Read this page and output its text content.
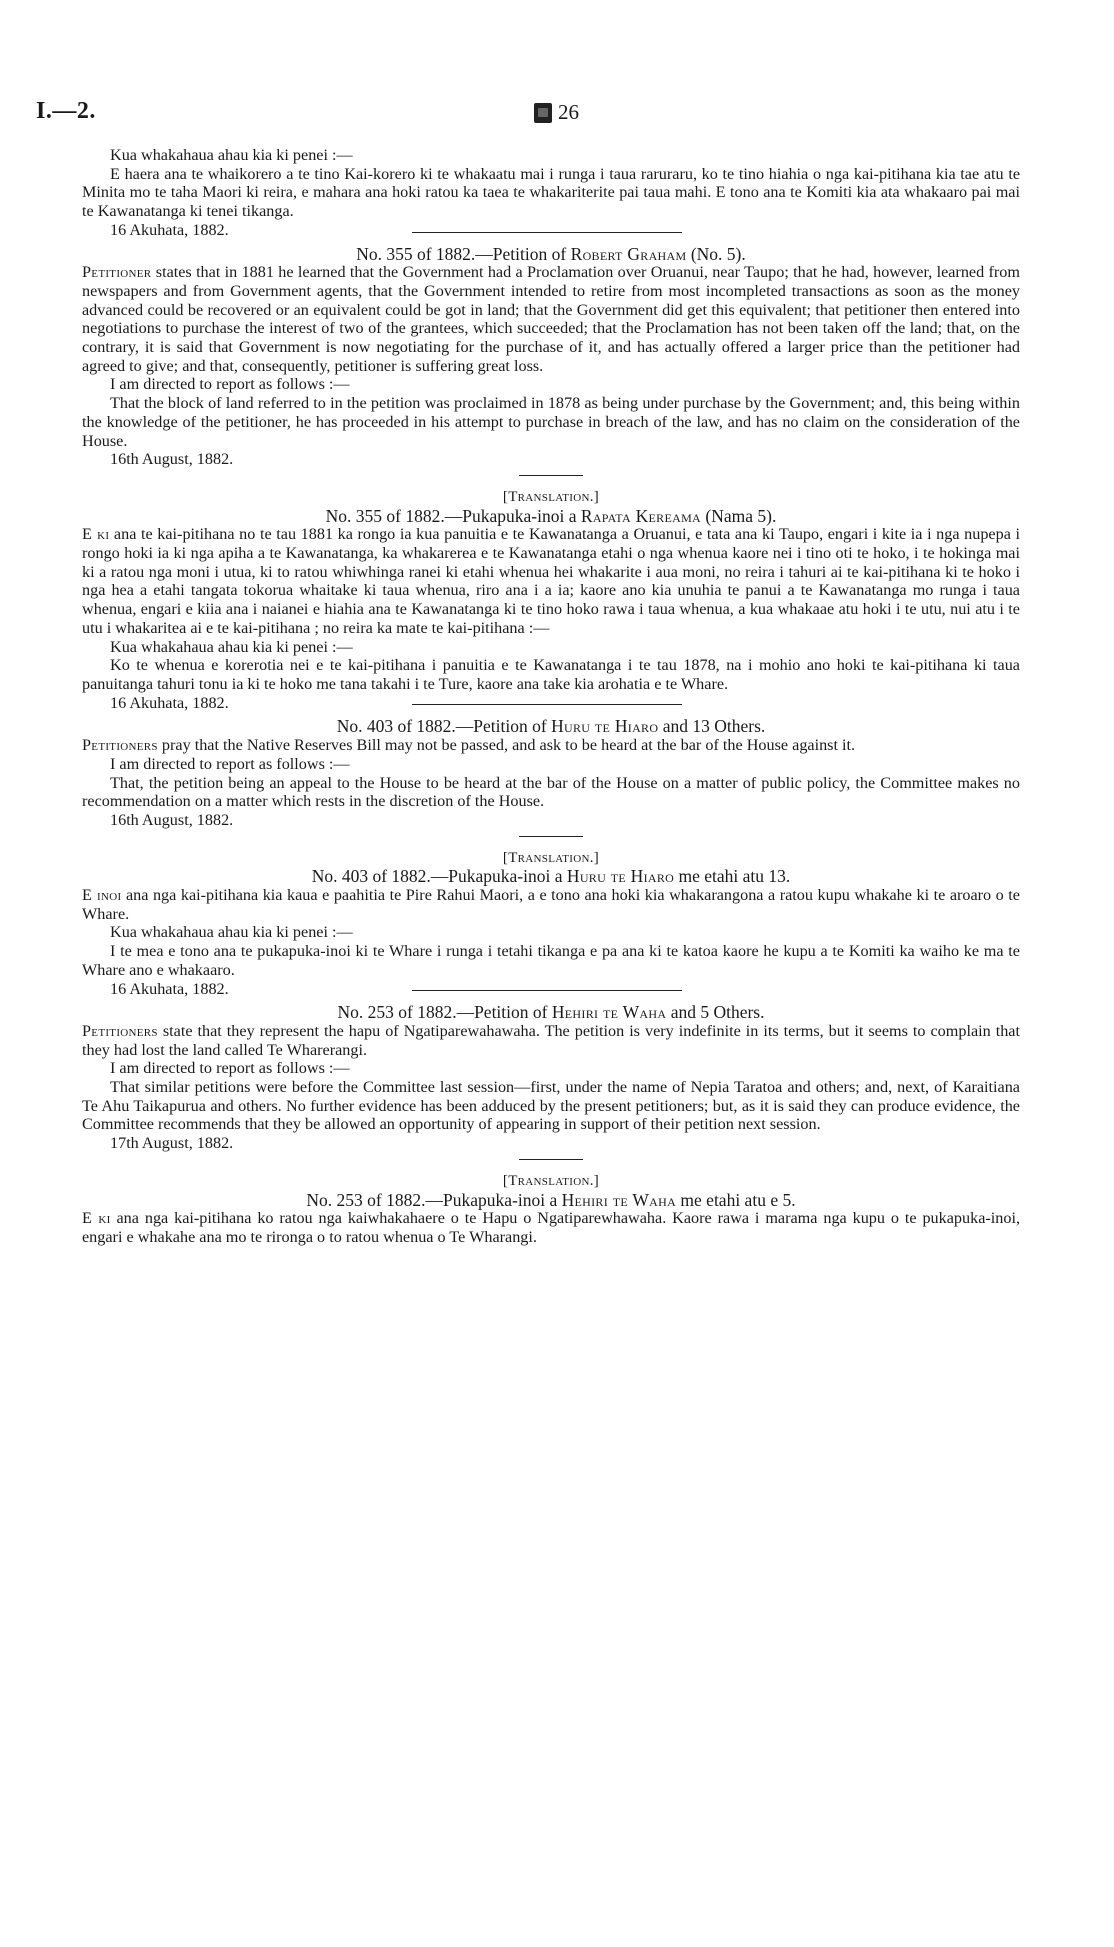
I.—2.	26

Kua whakahaua ahau kia ki penei :—

E haera ana te whaikorero a te tino Kai-korero ki te whakaatu mai i runga i taua raruraru, ko te tino hiahia o nga kai-pitihana kia tae atu te Minita mo te taha Maori ki reira, e mahara ana hoki ratou ka taea te whakariterite pai taua mahi. E tono ana te Komiti kia ata whakaaro pai mai te Kawanatanga ki tenei tikanga.

16 Akuhata, 1882.

No. 355 of 1882.—Petition of Robert Graham (No. 5).

Petitioner states that in 1881 he learned that the Government had a Proclamation over Oruanui, near Taupo; that he had, however, learned from newspapers and from Government agents, that the Government intended to retire from most incompleted transactions as soon as the money advanced could be recovered or an equivalent could be got in land; that the Government did get this equivalent; that petitioner then entered into negotiations to purchase the interest of two of the grantees, which succeeded; that the Proclamation has not been taken off the land; that, on the contrary, it is said that Government is now negotiating for the purchase of it, and has actually offered a larger price than the petitioner had agreed to give; and that, consequently, petitioner is suffering great loss.

I am directed to report as follows :—

That the block of land referred to in the petition was proclaimed in 1878 as being under purchase by the Government; and, this being within the knowledge of the petitioner, he has proceeded in his attempt to purchase in breach of the law, and has no claim on the consideration of the House.

16th August, 1882.

[Translation.]

No. 355 of 1882.—Pukapuka-inoi a Rapata Kereama (Nama 5).

E ki ana te kai-pitihana no te tau 1881 ka rongo ia kua panuitia e te Kawanatanga a Oruanui, e tata ana ki Taupo, engari i kite ia i nga nupepa i rongo hoki ia ki nga apiha a te Kawanatanga, ka whakarerea e te Kawanatanga etahi o nga whenua kaore nei i tino oti te hoko, i te hokinga mai ki a ratou nga moni i utua, ki to ratou whiwhinga ranei ki etahi whenua hei whakarite i aua moni, no reira i tahuri ai te kai-pitihana ki te hoko i nga hea a etahi tangata tokorua whaitake ki taua whenua, riro ana i a ia; kaore ano kia unuhia te panui a te Kawanatanga mo runga i taua whenua, engari e kiia ana i naianei e hiahia ana te Kawanatanga ki te tino hoko rawa i taua whenua, a kua whakaae atu hoki i te utu, nui atu i te utu i whakaritea ai e te kai-pitihana ; no reira ka mate te kai-pitihana :—

Kua whakahaua ahau kia ki penei :—

Ko te whenua e korerotia nei e te kai-pitihana i panuitia e te Kawanatanga i te tau 1878, na i mohio ano hoki te kai-pitihana ki taua panuitanga tahuri tonu ia ki te hoko me tana takahi i te Ture, kaore ana take kia arohatia e te Whare.

16 Akuhata, 1882.

No. 403 of 1882.—Petition of Huru te Hiaro and 13 Others.

Petitioners pray that the Native Reserves Bill may not be passed, and ask to be heard at the bar of the House against it.

I am directed to report as follows :—

That, the petition being an appeal to the House to be heard at the bar of the House on a matter of public policy, the Committee makes no recommendation on a matter which rests in the discretion of the House.

16th August, 1882.

[Translation.]

No. 403 of 1882.—Pukapuka-inoi a Huru te Hiaro me etahi atu 13.

E inoi ana nga kai-pitihana kia kaua e paahitia te Pire Rahui Maori, a e tono ana hoki kia whakarangona a ratou kupu whakahe ki te aroaro o te Whare.

Kua whakahaua ahau kia ki penei :—

I te mea e tono ana te pukapuka-inoi ki te Whare i runga i tetahi tikanga e pa ana ki te katoa kaore he kupu a te Komiti ka waiho ke ma te Whare ano e whakaaro.

16 Akuhata, 1882.

No. 253 of 1882.—Petition of Hehiri te Waha and 5 Others.

Petitioners state that they represent the hapu of Ngatiparewahawaha. The petition is very indefinite in its terms, but it seems to complain that they had lost the land called Te Wharerangi.

I am directed to report as follows :—

That similar petitions were before the Committee last session—first, under the name of Nepia Taratoa and others; and, next, of Karaitiana Te Ahu Taikapurua and others. No further evidence has been adduced by the present petitioners; but, as it is said they can produce evidence, the Committee recommends that they be allowed an opportunity of appearing in support of their petition next session.

17th August, 1882.

[Translation.]

No. 253 of 1882.—Pukapuka-inoi a Hehiri te Waha me etahi atu e 5.

E ki ana nga kai-pitihana ko ratou nga kaiwhakahaere o te Hapu o Ngatiparewhawaha. Kaore rawa i marama nga kupu o te pukapuka-inoi, engari e whakahe ana mo te rironga o to ratou whenua o Te Wharangi.
